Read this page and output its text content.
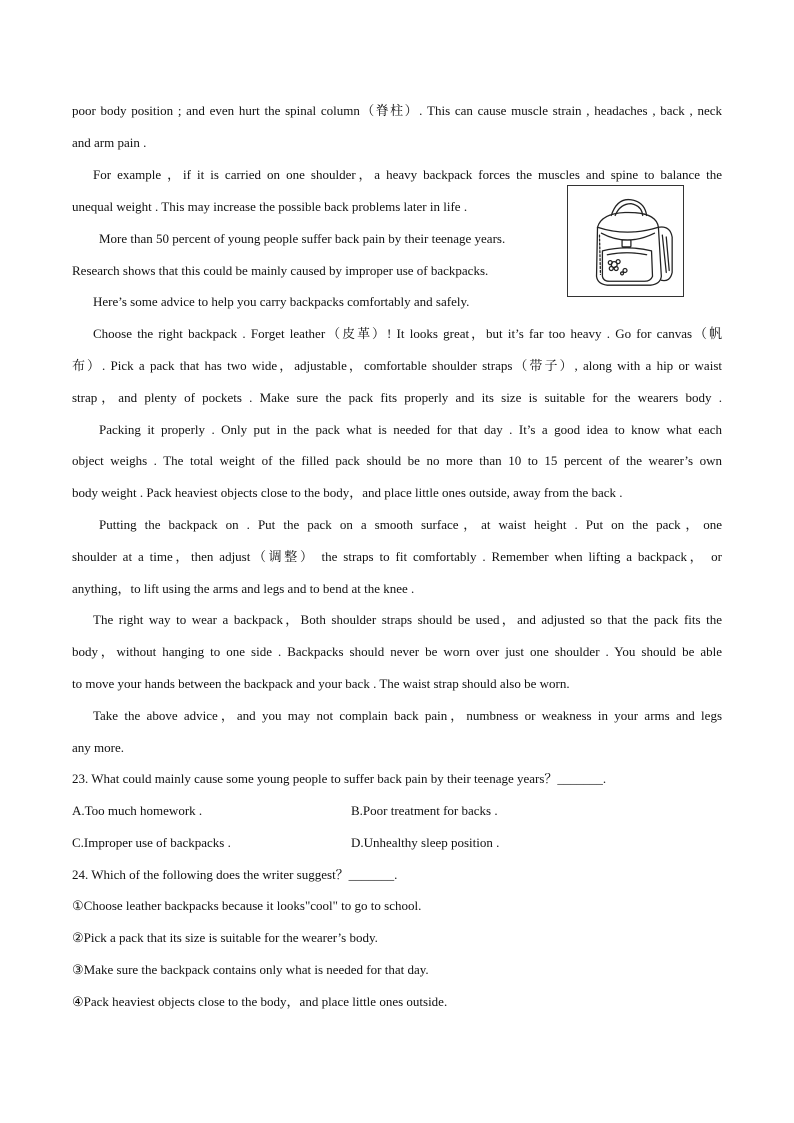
poor body position ; and even hurt the spinal column（脊柱）. This can cause muscle strain , headaches , back , neck
and arm pain .
For example ，if it is carried on one shoulder，a heavy backpack forces the muscles and spine to balance the
unequal weight . This may increase the possible back problems later in life .
More than 50 percent of young people suffer back pain by their teenage years.
Research shows that this could be mainly caused by improper use of backpacks.
Here’s some advice to help you carry backpacks comfortably and safely.
Choose the right backpack . Forget leather（皮革）! It looks great，but it’s far too heavy . Go for canvas（帆
布）. Pick a pack that has two wide，adjustable，comfortable shoulder straps（带子）, along with a hip or waist
strap，and plenty of pockets . Make sure the pack fits properly and its size is suitable for the wearers body .
Packing it properly . Only put in the pack what is needed for that day . It’s a good idea to know what each
object weighs . The total weight of the filled pack should be no more than 10 to 15 percent of the wearer’s own
body weight . Pack heaviest objects close to the body，and place little ones outside, away from the back .
Putting the backpack on . Put the pack on a smooth surface，at waist height . Put on the pack，one
shoulder at a time，then adjust（调整） the straps to fit comfortably . Remember when lifting a backpack， or
anything，to lift using the arms and legs and to bend at the knee .
The right way to wear a backpack，Both shoulder straps should be used，and adjusted so that the pack fits the
body，without hanging to one side . Backpacks should never be worn over just one shoulder . You should be able
to move your hands between the backpack and your back . The waist strap should also be worn.
Take the above advice，and you may not complain back pain，numbness or weakness in your arms and legs
any more.
23. What could mainly cause some young people to suffer back pain by their teenage years？_______.
A.Too much homework .	B.Poor treatment for backs .
C.Improper use of backpacks .	D.Unhealthy sleep position .
24. Which of the following does the writer suggest？_______.
①Choose leather backpacks because it looks"cool" to go to school.
②Pick a pack that its size is suitable for the wearer’s body.
③Make sure the backpack contains only what is needed for that day.
④Pack heaviest objects close to the body，and place little ones outside.
